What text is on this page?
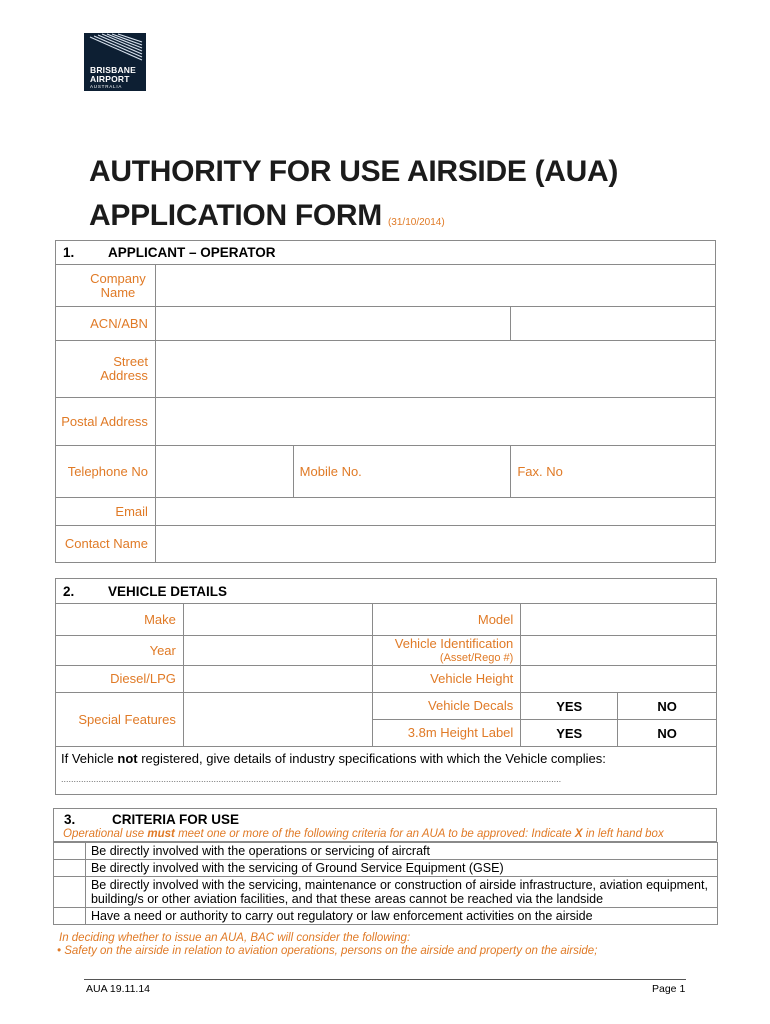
BRISBANE
AIRPORT
AUSTRALIA
AUTHORITY FOR USE AIRSIDE (AUA)
APPLICATION FORM (31/10/2014)
1. APPLICANT – OPERATOR			
Company Name			
ACN/ABN			
Street Address			
Postal Address			
Telephone No		Mobile No.	Fax. No
Email			
Contact Name			
2. VEHICLE DETAILS				
Make		Model		
Year		Vehicle Identification
(Asset/Rego #)		

Diesel/LPG		Vehicle Height		
Special Features		Vehicle Decals	YES	NO
		3.8m Height Label	YES	NO

If Vehicle not registered, give details of industry specifications with which the Vehicle complies:
........................................................................................................................................................................................................				
3.	CRITERIA FOR USE
Operational use must meet one or more of the following criteria for an AUA to be approved: Indicate X in left hand box
	Be directly involved with the operations or servicing of aircraft
	Be directly involved with the servicing of Ground Service Equipment (GSE)
	Be directly involved with the servicing, maintenance or construction of airside infrastructure, aviation equipment, building/s or other aviation facilities, and that these areas cannot be reached via the landside
	Have a need or authority to carry out regulatory or law enforcement activities on the airside
In deciding whether to issue an AUA, BAC will consider the following:
• Safety on the airside in relation to aviation operations, persons on the airside and property on the airside;
AUA 19.11.14	Page 1
